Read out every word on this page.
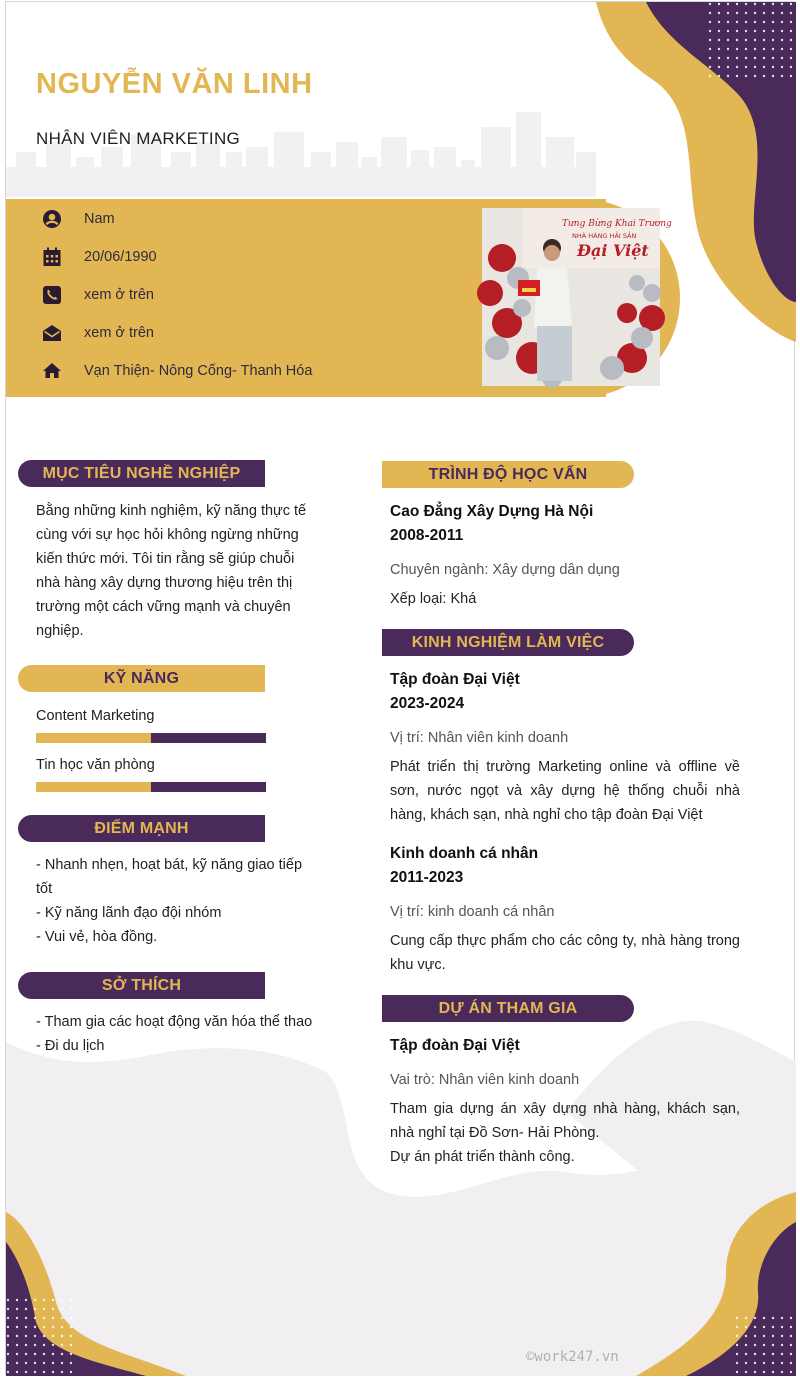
NGUYỄN VĂN LINH
NHÂN VIÊN MARKETING
Nam
20/06/1990
xem ở trên
xem ở trên
Vạn Thiện- Nông Cống- Thanh Hóa
Tưng Bừng Khai Trương
NHÀ HÀNG HẢI SẢN
Đại Việt
MỤC TIÊU NGHỀ NGHIỆP
Bằng những kinh nghiệm, kỹ năng thực tế cùng với sự học hỏi không ngừng những kiến thức mới. Tôi tin rằng sẽ giúp chuỗi nhà hàng xây dựng thương hiệu trên thị trường một cách vững mạnh và chuyên nghiệp.
KỸ NĂNG
Content Marketing
Tin học văn phòng
ĐIỂM MẠNH
- Nhanh nhẹn, hoạt bát, kỹ năng giao tiếp tốt
- Kỹ năng lãnh đạo đội nhóm
- Vui vẻ, hòa đồng.
SỞ THÍCH
- Tham gia các hoạt động văn hóa thể thao
- Đi du lịch
TRÌNH ĐỘ HỌC VẤN
Cao Đẳng Xây Dựng Hà Nội
2008-2011
Chuyên ngành: Xây dựng dân dụng
Xếp loại: Khá
KINH NGHIỆM LÀM VIỆC
Tập đoàn Đại Việt
2023-2024
Vị trí: Nhân viên kinh doanh
Phát triển thị trường Marketing online và offline về sơn, nước ngọt và xây dựng hệ thống chuỗi nhà hàng, khách sạn, nhà nghỉ cho tập đoàn Đại Việt
Kinh doanh cá nhân
2011-2023
Vị trí: kinh doanh cá nhân
Cung cấp thực phẩm cho các công ty, nhà hàng trong khu vực.
DỰ ÁN THAM GIA
Tập đoàn Đại Việt
Vai trò: Nhân viên kinh doanh
Tham gia dựng án xây dựng nhà hàng, khách sạn, nhà nghỉ tại Đồ Sơn- Hải Phòng.
Dự án phát triển thành công.
©work247.vn
